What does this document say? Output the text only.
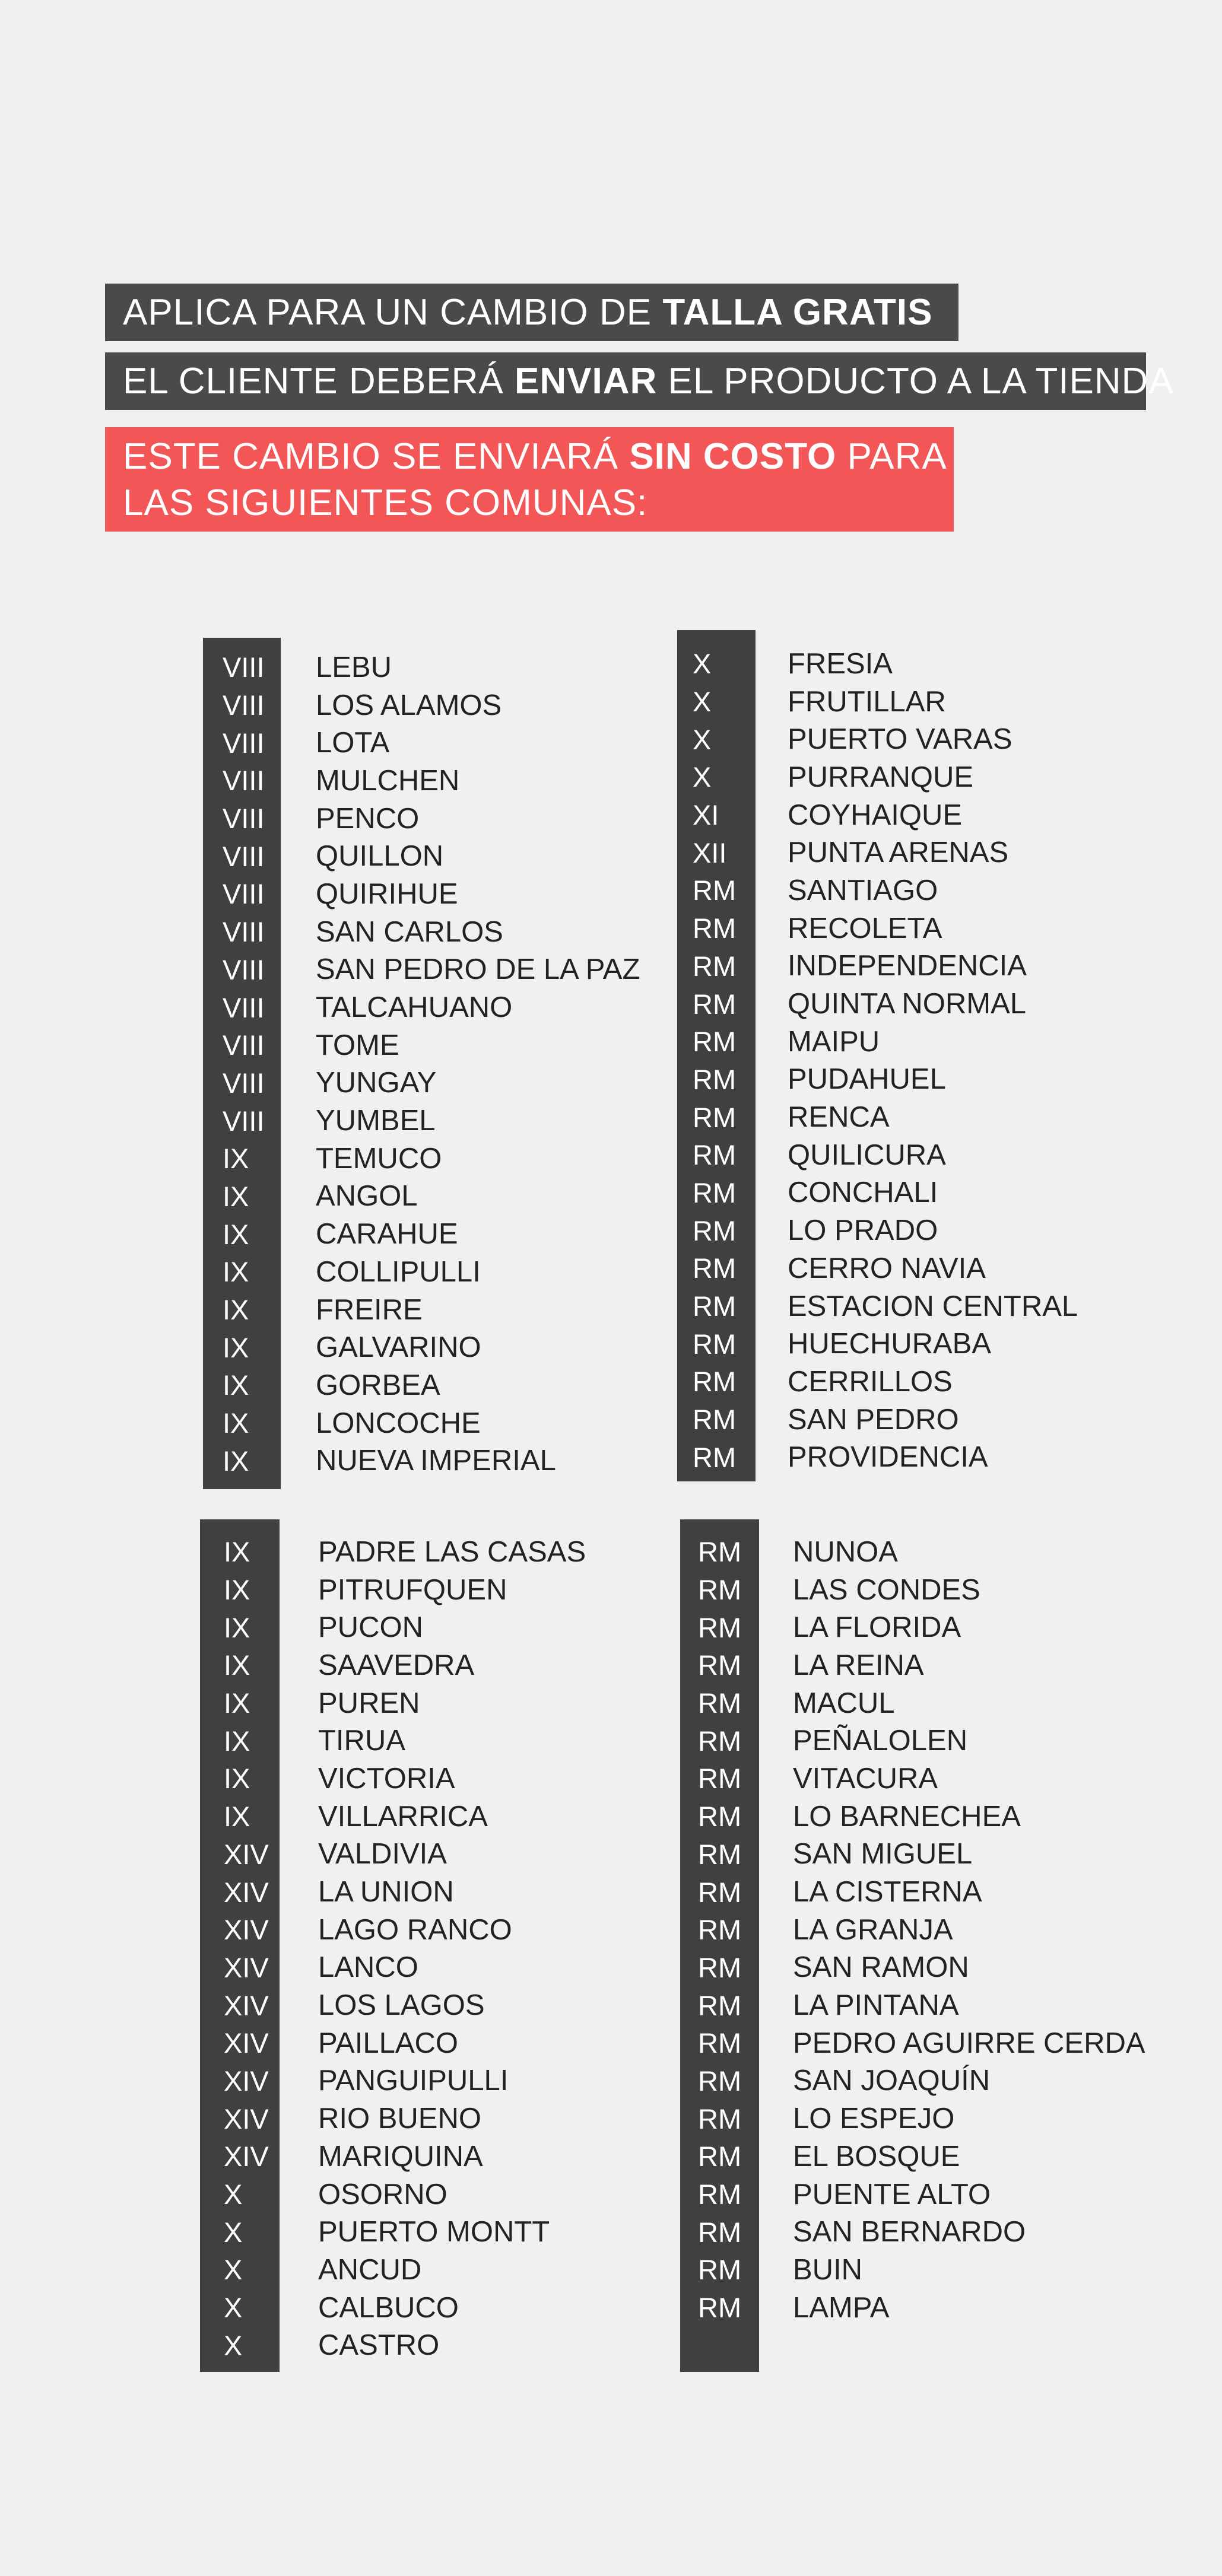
APLICA PARA UN CAMBIO DE TALLA GRATIS
EL CLIENTE DEBERÁ ENVIAR EL PRODUCTO A LA TIENDA
ESTE CAMBIO SE ENVIARÁ SIN COSTO PARA
LAS SIGUIENTES COMUNAS:
VIII	LEBU
VIII	LOS ALAMOS
VIII	LOTA
VIII	MULCHEN
VIII	PENCO
VIII	QUILLON
VIII	QUIRIHUE
VIII	SAN CARLOS
VIII	SAN PEDRO DE LA PAZ
VIII	TALCAHUANO
VIII	TOME
VIII	YUNGAY
VIII	YUMBEL
IX	TEMUCO
IX	ANGOL
IX	CARAHUE
IX	COLLIPULLI
IX	FREIRE
IX	GALVARINO
IX	GORBEA
IX	LONCOCHE
IX	NUEVA IMPERIAL
X	FRESIA
X	FRUTILLAR
X	PUERTO VARAS
X	PURRANQUE
XI	COYHAIQUE
XII	PUNTA ARENAS
RM	SANTIAGO
RM	RECOLETA
RM	INDEPENDENCIA
RM	QUINTA NORMAL
RM	MAIPU
RM	PUDAHUEL
RM	RENCA
RM	QUILICURA
RM	CONCHALI
RM	LO PRADO
RM	CERRO NAVIA
RM	ESTACION CENTRAL
RM	HUECHURABA
RM	CERRILLOS
RM	SAN PEDRO
RM	PROVIDENCIA
IX	PADRE LAS CASAS
IX	PITRUFQUEN
IX	PUCON
IX	SAAVEDRA
IX	PUREN
IX	TIRUA
IX	VICTORIA
IX	VILLARRICA
XIV	VALDIVIA
XIV	LA UNION
XIV	LAGO RANCO
XIV	LANCO
XIV	LOS LAGOS
XIV	PAILLACO
XIV	PANGUIPULLI
XIV	RIO BUENO
XIV	MARIQUINA
X	OSORNO
X	PUERTO MONTT
X	ANCUD
X	CALBUCO
X	CASTRO
RM	NUNOA
RM	LAS CONDES
RM	LA FLORIDA
RM	LA REINA
RM	MACUL
RM	PEÑALOLEN
RM	VITACURA
RM	LO BARNECHEA
RM	SAN MIGUEL
RM	LA CISTERNA
RM	LA GRANJA
RM	SAN RAMON
RM	LA PINTANA
RM	PEDRO AGUIRRE CERDA
RM	SAN JOAQUÍN
RM	LO ESPEJO
RM	EL BOSQUE
RM	PUENTE ALTO
RM	SAN BERNARDO
RM	BUIN
RM	LAMPA
